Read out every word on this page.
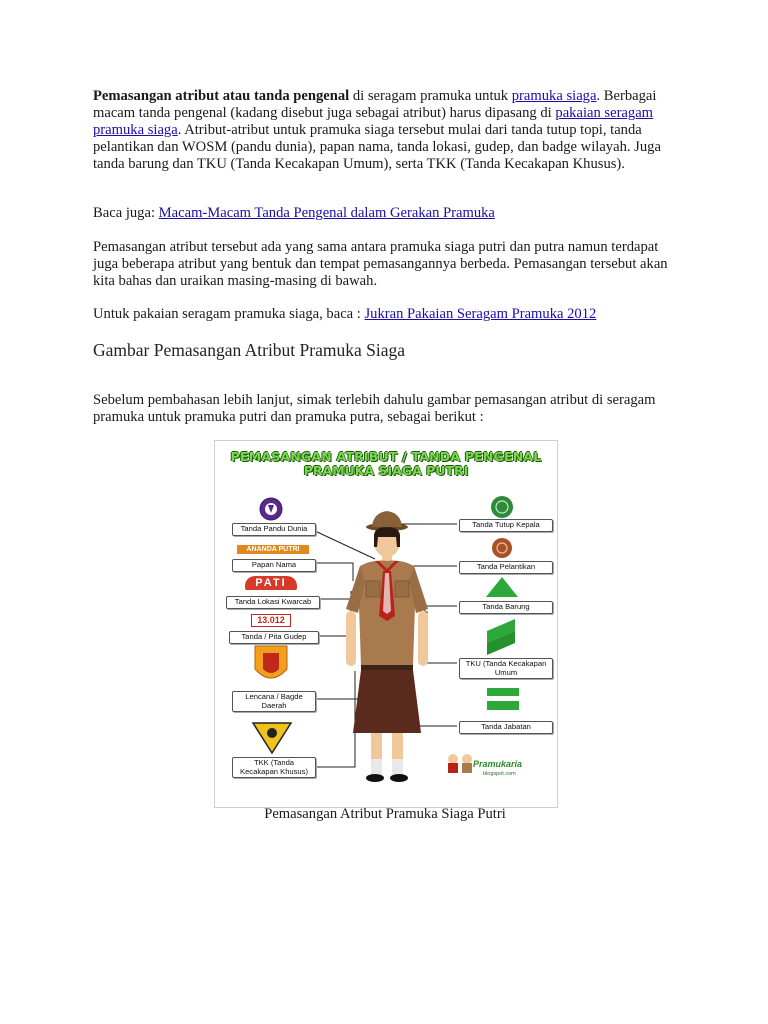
Pemasangan atribut atau tanda pengenal di seragam pramuka untuk pramuka siaga. Berbagai macam tanda pengenal (kadang disebut juga sebagai atribut) harus dipasang di pakaian seragam pramuka siaga. Atribut-atribut untuk pramuka siaga tersebut mulai dari tanda tutup topi, tanda pelantikan dan WOSM (pandu dunia), papan nama, tanda lokasi, gudep, dan badge wilayah. Juga tanda barung dan TKU (Tanda Kecakapan Umum), serta TKK (Tanda Kecakapan Khusus).
Baca juga: Macam-Macam Tanda Pengenal dalam Gerakan Pramuka
Pemasangan atribut tersebut ada yang sama antara pramuka siaga putri dan putra namun terdapat juga beberapa atribut yang bentuk dan tempat pemasangannya berbeda. Pemasangan tersebut akan kita bahas dan uraikan masing-masing di bawah.
Untuk pakaian seragam pramuka siaga, baca : Jukran Pakaian Seragam Pramuka 2012
Gambar Pemasangan Atribut Pramuka Siaga
Sebelum pembahasan lebih lanjut, simak terlebih dahulu gambar pemasangan atribut di seragam pramuka untuk pramuka putri dan pramuka putra, sebagai berikut :
PEMASANGAN ATRIBUT / TANDA PENGENAL
PRAMUKA SIAGA PUTRI
Tanda Pandu Dunia
ANANDA PUTRI
Papan Nama
PATI
Tanda Lokasi Kwarcab
13.012
Tanda / Pita Gudep
Lencana / Bagde Daerah
TKK (Tanda Kecakapan Khusus)
Tanda Tutup Kepala
Tanda Pelantikan
Tanda Barung
TKU (Tanda Kecakapan Umum
Tanda Jabatan
Pramukaria
blogspot.com
Pemasangan Atribut Pramuka Siaga Putri
